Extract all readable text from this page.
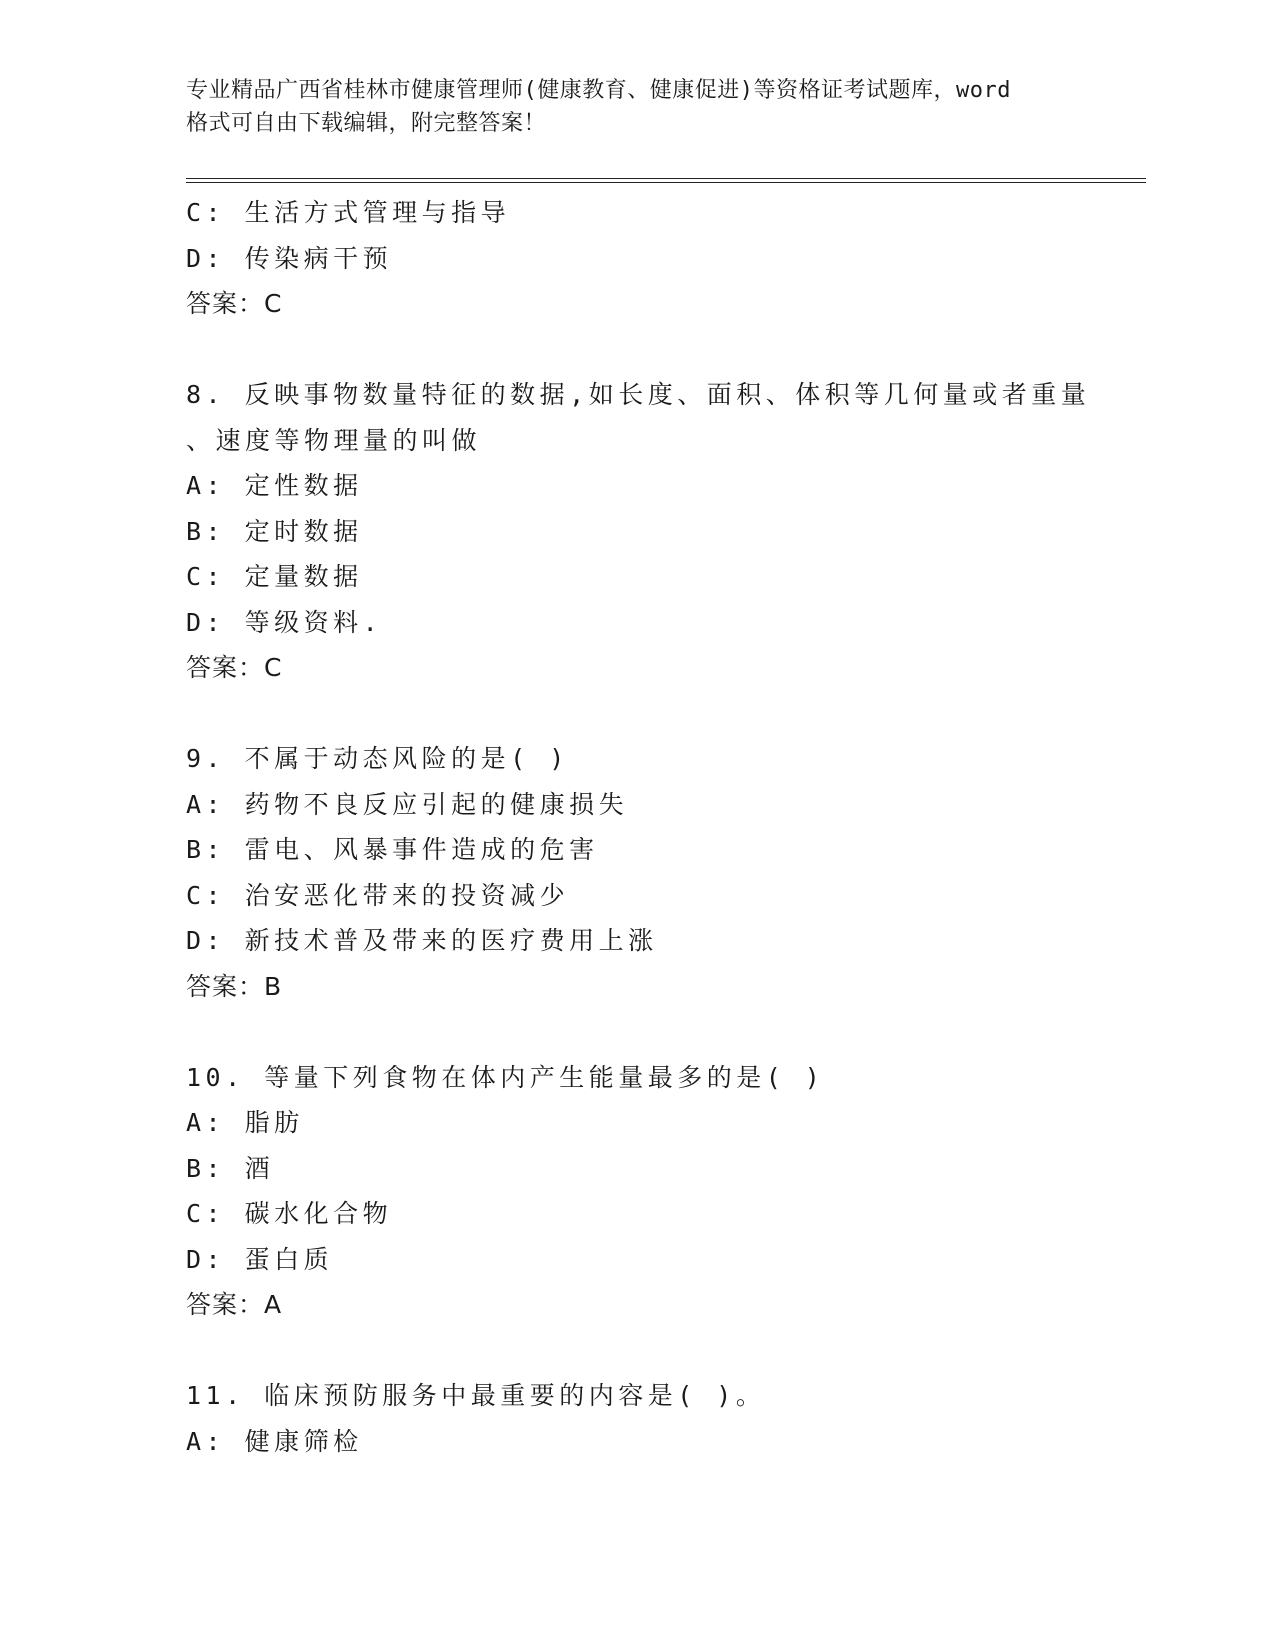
专业精品广西省桂林市健康管理师(健康教育、健康促进)等资格证考试题库，word
格式可自由下载编辑，附完整答案！
C: 生活方式管理与指导
D: 传染病干预
答案：C
8. 反映事物数量特征的数据,如长度、面积、体积等几何量或者重量
、速度等物理量的叫做
A: 定性数据
B: 定时数据
C: 定量数据
D: 等级资料.
答案：C
9. 不属于动态风险的是( )
A: 药物不良反应引起的健康损失
B: 雷电、风暴事件造成的危害
C: 治安恶化带来的投资减少
D: 新技术普及带来的医疗费用上涨
答案：B
10. 等量下列食物在体内产生能量最多的是( )
A: 脂肪
B: 酒
C: 碳水化合物
D: 蛋白质
答案：A
11. 临床预防服务中最重要的内容是( )。
A: 健康筛检
